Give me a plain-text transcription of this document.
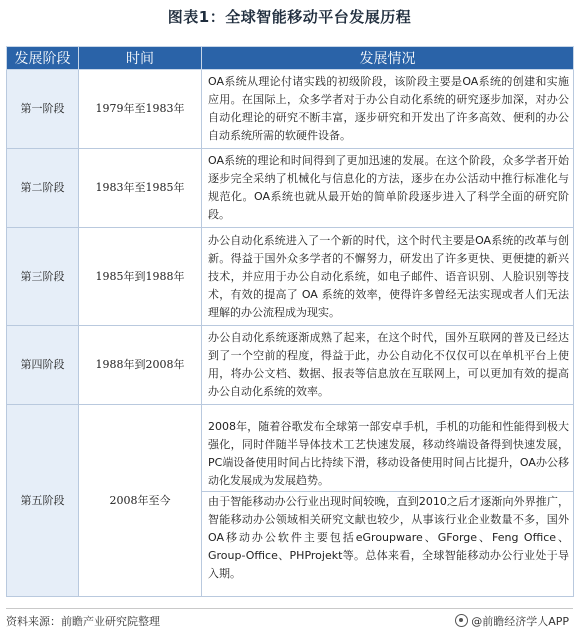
图表1：全球智能移动平台发展历程
发展阶段	时间	发展情况
第一阶段	1979年至1983年	OA系统从理论付诸实践的初级阶段，该阶段主要是OA系统的创建和实施应用。在国际上，众多学者对于办公自动化系统的研究逐步加深，对办公自动化理论的研究不断丰富，逐步研究和开发出了许多高效、便利的办公自动系统所需的软硬件设备。

第二阶段	1983年至1985年	OA系统的理论和时间得到了更加迅速的发展。在这个阶段，众多学者开始逐步完全采纳了机械化与信息化的方法，逐步在办公活动中推行标准化与规范化。OA系统也就从最开始的简单阶段逐步进入了科学全面的研究阶段。

第三阶段	1985年到1988年	办公自动化系统进入了一个新的时代，这个时代主要是OA系统的改革与创新。得益于国外众多学者的不懈努力，研发出了许多更快、更便捷的新兴技术，并应用于办公自动化系统，如电子邮件、语音识别、人脸识别等技术，有效的提高了 OA 系统的效率，使得许多曾经无法实现或者人们无法理解的办公流程成为现实。

第四阶段	1988年到2008年	办公自动化系统逐渐成熟了起来，在这个时代，国外互联网的普及已经达到了一个空前的程度，得益于此，办公自动化不仅仅可以在单机平台上使用，将办公文档、数据、报表等信息放在互联网上，可以更加有效的提高办公自动化系统的效率。

第五阶段	2008年至今	2008年，随着谷歌发布全球第一部安卓手机，手机的功能和性能得到极大强化，同时伴随半导体技术工艺快速发展，移动终端设备得到快速发展，PC端设备使用时间占比持续下滑，移动设备使用时间占比提升，OA办公移动化发展成为发展趋势。
由于智能移动办公行业出现时间较晚，直到2010之后才逐渐向外界推广，智能移动办公领域相关研究文献也较少，从事该行业企业数量不多，国外OA移动办公软件主要包括eGroupware、GForge、Feng Office、Group-Office、PHProjekt等。总体来看，全球智能移动办公行业处于导入期。
资料来源：前瞻产业研究院整理	@前瞻经济学人APP
